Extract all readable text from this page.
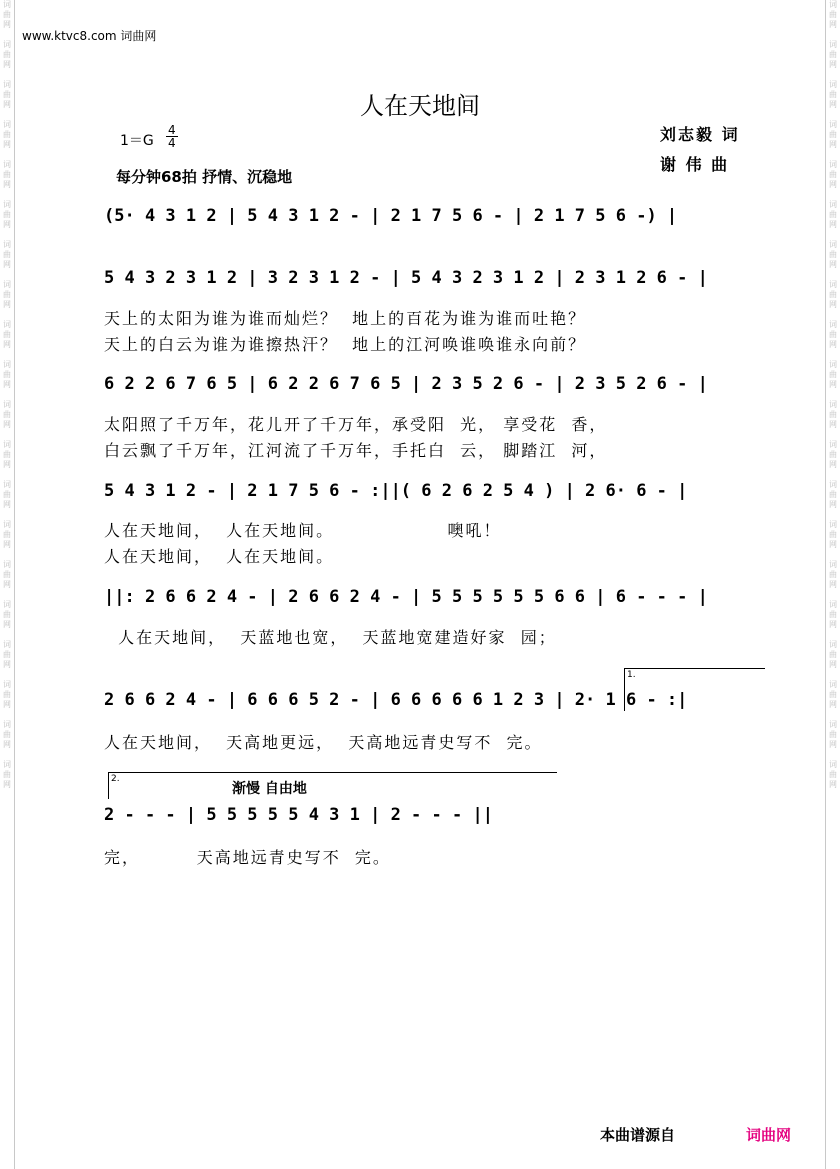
词
曲
网

词
曲
网

词
曲
网

词
曲
网

词
曲
网

词
曲
网

词
曲
网

词
曲
网

词
曲
网

词
曲
网

词
曲
网

词
曲
网

词
曲
网

词
曲
网

词
曲
网

词
曲
网

词
曲
网

词
曲
网

词
曲
网

词
曲
网
词
曲
网

词
曲
网

词
曲
网

词
曲
网

词
曲
网

词
曲
网

词
曲
网

词
曲
网

词
曲
网

词
曲
网

词
曲
网

词
曲
网

词
曲
网

词
曲
网

词
曲
网

词
曲
网

词
曲
网

词
曲
网

词
曲
网

词
曲
网
www.ktvc8.com 词曲网
人在天地间
$1=G \frac{4}{4}$
每分钟68拍 抒情、沉稳地
刘志毅 词
谢 伟 曲
(5· 4 3 1 2 | 5 4 3 1 2 - | 2 1 7 5 6 - | 2 1 7 5 6 -) |
5 4 3 2 3 1 2 | 3 2 3 1 2 - | 5 4 3 2 3 1 2 | 2 3 1 2 6 - |
天上的太阳为谁为谁而灿烂？  地上的百花为谁为谁而吐艳？
天上的白云为谁为谁擦热汗？  地上的江河唤谁唤谁永向前？
6 2 2 6 7 6 5 | 6 2 2 6 7 6 5 | 2 3 5 2 6 - | 2 3 5 2 6 - |
太阳照了千万年，花儿开了千万年，承受阳  光， 享受花  香，
白云飘了千万年，江河流了千万年，手托白  云， 脚踏江  河，
5 4 3 1 2 - | 2 1 7 5 6 - :||( 6 2 6 2 5 4 ) | 2 6· 6 - |
人在天地间，  人在天地间。                噢吼！
人在天地间，  人在天地间。
||: 2 6 6 2 4 - | 2 6 6 2 4 - | 5 5 5 5 5 5 6 6 | 6 - - - |
人在天地间，  天蓝地也宽，  天蓝地宽建造好家  园；
1.
2 6 6 2 4 - | 6 6 6 5 2 - | 6 6 6 6 6 1 2 3 | 2· 1 6 - :|
人在天地间，  天高地更远，  天高地远青史写不  完。
2.
渐慢 自由地
2 - - - | 5 5 5 5 5 4 3 1 | 2 - - - ||
完，        天高地远青史写不  完。
本曲谱源自	词曲网
